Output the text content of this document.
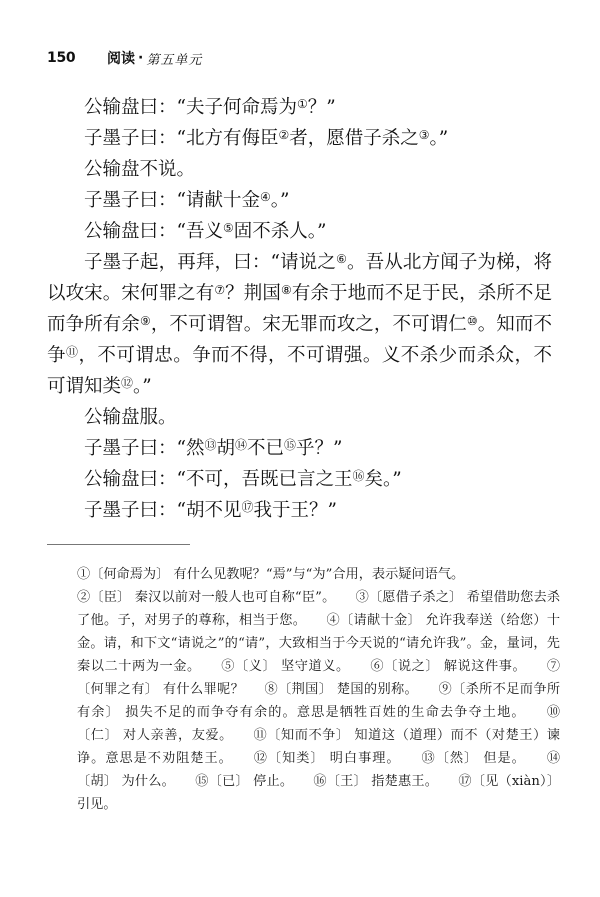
150	阅读 · 第五单元

公输盘曰：“夫子何命焉为①？”

子墨子曰：“北方有侮臣②者，愿借子杀之③。”

公输盘不说。

子墨子曰：“请献十金④。”

公输盘曰：“吾义⑤固不杀人。”

子墨子起，再拜，曰：“请说之⑥。吾从北方闻子为梯，将以攻宋。宋何罪之有⑦？荆国⑧有余于地而不足于民，杀所不足而争所有余⑨，不可谓智。宋无罪而攻之，不可谓仁⑩。知而不争⑪，不可谓忠。争而不得，不可谓强。义不杀少而杀众，不可谓知类⑫。”

公输盘服。

子墨子曰：“然⑬胡⑭不已⑮乎？”

公输盘曰：“不可，吾既已言之王⑯矣。”

子墨子曰：“胡不见⑰我于王？”

①〔何命焉为〕 有什么见教呢？“焉”与“为”合用，表示疑问语气。
②〔臣〕 秦汉以前对一般人也可自称“臣”。 ③〔愿借子杀之〕 希望借助您去杀了他。子，对男子的尊称，相当于您。 ④〔请献十金〕 允许我奉送（给您）十金。请，和下文“请说之”的“请”，大致相当于今天说的“请允许我”。金，量词，先秦以二十两为一金。 ⑤〔义〕 坚守道义。 ⑥〔说之〕 解说这件事。 ⑦〔何罪之有〕 有什么罪呢？ ⑧〔荆国〕 楚国的别称。 ⑨〔杀所不足而争所有余〕 损失不足的而争夺有余的。意思是牺牲百姓的生命去争夺土地。 ⑩〔仁〕 对人亲善，友爱。 ⑪〔知而不争〕 知道这（道理）而不（对楚王）谏诤。意思是不劝阻楚王。 ⑫〔知类〕 明白事理。 ⑬〔然〕 但是。 ⑭〔胡〕 为什么。 ⑮〔已〕 停止。 ⑯〔王〕 指楚惠王。 ⑰〔见（xiàn）〕 引见。
